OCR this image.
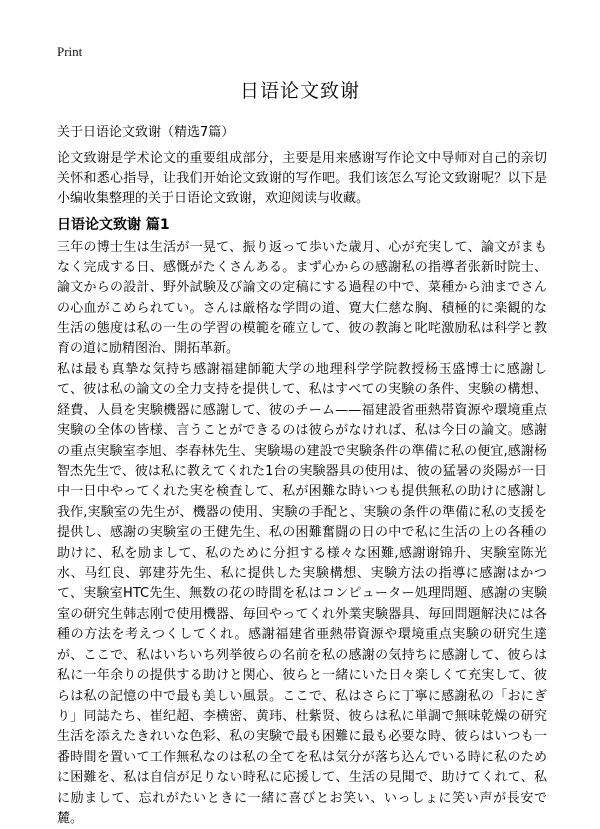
Print
日语论文致谢
关于日语论文致谢（精选7篇）

论文致谢是学术论文的重要组成部分，主要是用来感谢写作论文中导师对自己的亲切关怀和悉心指导，让我们开始论文致谢的写作吧。我们该怎么写论文致谢呢？以下是小编收集整理的关于日语论文致谢，欢迎阅读与收藏。

日语论文致谢 篇1

三年の博士生は生活が一晃て、振り返って歩いた歳月、心が充実して、論文がまもなく完成する日、感慨がたくさんある。まず心からの感謝私の指導者张新时院士、論文からの設計、野外試験及び論文の定稿にする過程の中で、菜種から油までさんの心血がこめられてい。さんは厳格な学問の道、寛大仁慈な胸、積極的に楽観的な生活の態度は私の一生の学習の模範を確立して、彼の教誨と叱咤激励私は科学と教育の道に励精图治、開拓革新。

私は最も真摯な気持ち感謝福建師範大学の地理科学学院教授杨玉盛博士に感謝して、彼は私の論文の全力支持を提供して、私はすべての実験の条件、実験の構想、経費、人員を実験機器に感謝して、彼のチーム——福建設省亜熱帯資源や環境重点実験の全体の皆様、言うことができるのは彼らがなければ、私は今日の論文。感謝の重点実験室李旭、李春林先生、実験場の建設で実験条件の準備に私の便宜,感謝杨智杰先生で、彼は私に教えてくれた1台の実験器具の使用は、彼の猛暑の炎陽が一日中一日中やってくれた実を検査して、私が困難な時いつも提供無私の助けに感謝し我作,実験室の先生が、機器の使用、実験の手配と、実験の条件の準備に私の支援を提供し、感謝の実験室の王健先生、私の困難奮闘の日の中で私に生活の上の各種の助けに、私を励まして、私のために分担する様々な困難,感謝谢锦升、実験室陈光水、马红良、郭建芬先生、私に提供した実験構想、実験方法の指導に感謝はかつて、実験室HTC先生、無数の花の時間を私はコンピューター処理問題、感謝の実験室の研究生韩志刚で使用機器、毎回やってくれ外業実験器具、毎回問題解決には各種の方法を考えつくしてくれ。感謝福建省亜熱帯資源や環境重点実験の研究生達が、ここで、私はいちいち列挙彼らの名前を私の感謝の気持ちに感謝して、彼らは私に一年余りの提供する助けと関心、彼らと一緒にいた日々楽しくて充実して、彼らは私の記憶の中で最も美しい風景。ここで、私はさらに丁寧に感謝私の「おにぎり」同誌たち、崔纪超、李横密、黄玮、杜紫贤、彼らは私に単調で無味乾燥の研究生活を添えたきれいな色彩、私の実験で最も困難に最も必要な時、彼らはいつも一番時間を置いて工作無私なのは私の全てを私は気分が落ち込んでいる時に私のために困難を、私は自信が足りない時私に応援して、生活の見聞で、助けてくれて、私に励まして、忘れがたいときに一緒に喜びとお笑い、いっしょに笑い声が長安で麓。
